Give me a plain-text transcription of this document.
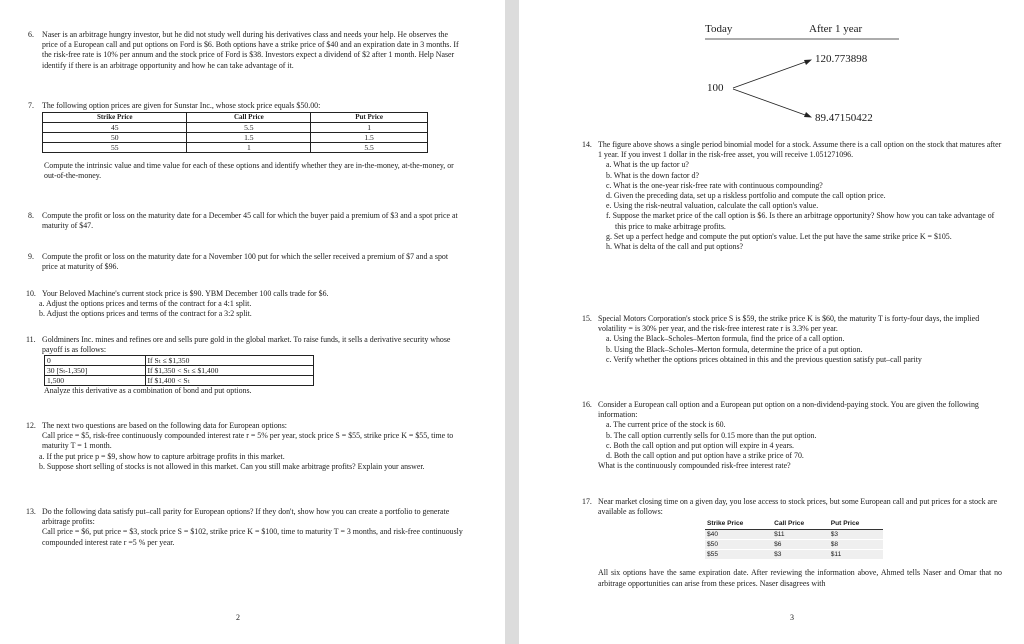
6. Naser is an arbitrage hungry investor, but he did not study well during his derivatives class and needs your help. He observes the price of a European call and put options on Ford is $6. Both options have a strike price of $40 and an expiration date in 3 months. If the risk-free rate is 10% per annum and the stock price of Ford is $38. Investors expect a dividend of $2 after 1 month. Help Naser identify if there is an arbitrage opportunity and how he can take advantage of it.
7. The following option prices are given for Sunstar Inc., whose stock price equals $50.00:
Strike Price	Call Price	Put Price
45	5.5	1
50	1.5	1.5
55	1	5.5
Compute the intrinsic value and time value for each of these options and identify whether they are in-the-money, at-the-money, or out-of-the-money.
8. Compute the profit or loss on the maturity date for a December 45 call for which the buyer paid a premium of $3 and a spot price at maturity of $47.
9. Compute the profit or loss on the maturity date for a November 100 put for which the seller received a premium of $7 and a spot price at maturity of $96.
10. Your Beloved Machine's current stock price is $90. YBM December 100 calls trade for $6.
a. Adjust the options prices and terms of the contract for a 4:1 split.
b. Adjust the options prices and terms of the contract for a 3:2 split.
11. Goldminers Inc. mines and refines ore and sells pure gold in the global market. To raise funds, it sells a derivative security whose payoff is as follows:
0	If Sₜ ≤ $1,350
30 [Sₜ-1,350]	If $1,350 < Sₜ ≤ $1,400
1,500	If $1,400 < Sₜ
Analyze this derivative as a combination of bond and put options.
12. The next two questions are based on the following data for European options:
Call price = $5, risk-free continuously compounded interest rate r = 5% per year, stock price S = $55, strike price K = $55, time to maturity T = 1 month.
a. If the put price p = $9, show how to capture arbitrage profits in this market.
b. Suppose short selling of stocks is not allowed in this market. Can you still make arbitrage profits? Explain your answer.
13. Do the following data satisfy put–call parity for European options? If they don't, show how you can create a portfolio to generate arbitrage profits:
Call price = $6, put price = $3, stock price S = $102, strike price K = $100, time to maturity T = 3 months, and risk-free continuously compounded interest rate r =5 % per year.
2
Today	After 1 year
100
120.773898
89.47150422
14. The figure above shows a single period binomial model for a stock. Assume there is a call option on the stock that matures after 1 year. If you invest 1 dollar in the risk-free asset, you will receive 1.051271096.
a. What is the up factor u?
b. What is the down factor d?
c. What is the one-year risk-free rate with continuous compounding?
d. Given the preceding data, set up a riskless portfolio and compute the call option price.
e. Using the risk-neutral valuation, calculate the call option's value.
f. Suppose the market price of the call option is $6. Is there an arbitrage opportunity? Show how you can take advantage of this price to make arbitrage profits.
g. Set up a perfect hedge and compute the put option's value. Let the put have the same strike price K = $105.
h. What is delta of the call and put options?
15. Special Motors Corporation's stock price S is $59, the strike price K is $60, the maturity T is forty-four days, the implied volatility = is 30% per year, and the risk-free interest rate r is 3.3% per year.
a. Using the Black–Scholes–Merton formula, find the price of a call option.
b. Using the Black–Scholes–Merton formula, determine the price of a put option.
c. Verify whether the options prices obtained in this and the previous question satisfy put–call parity
16. Consider a European call option and a European put option on a non-dividend-paying stock. You are given the following information:
a. The current price of the stock is 60.
b. The call option currently sells for 0.15 more than the put option.
c. Both the call option and put option will expire in 4 years.
d. Both the call option and put option have a strike price of 70.
What is the continuously compounded risk-free interest rate?
17. Near market closing time on a given day, you lose access to stock prices, but some European call and put prices for a stock are available as follows:
Strike Price	Call Price	Put Price
$40	$11	$3
$50	$6	$8
$55	$3	$11
All six options have the same expiration date. After reviewing the information above, Ahmed tells Naser and Omar that no arbitrage opportunities can arise from these prices. Naser disagrees with
3
